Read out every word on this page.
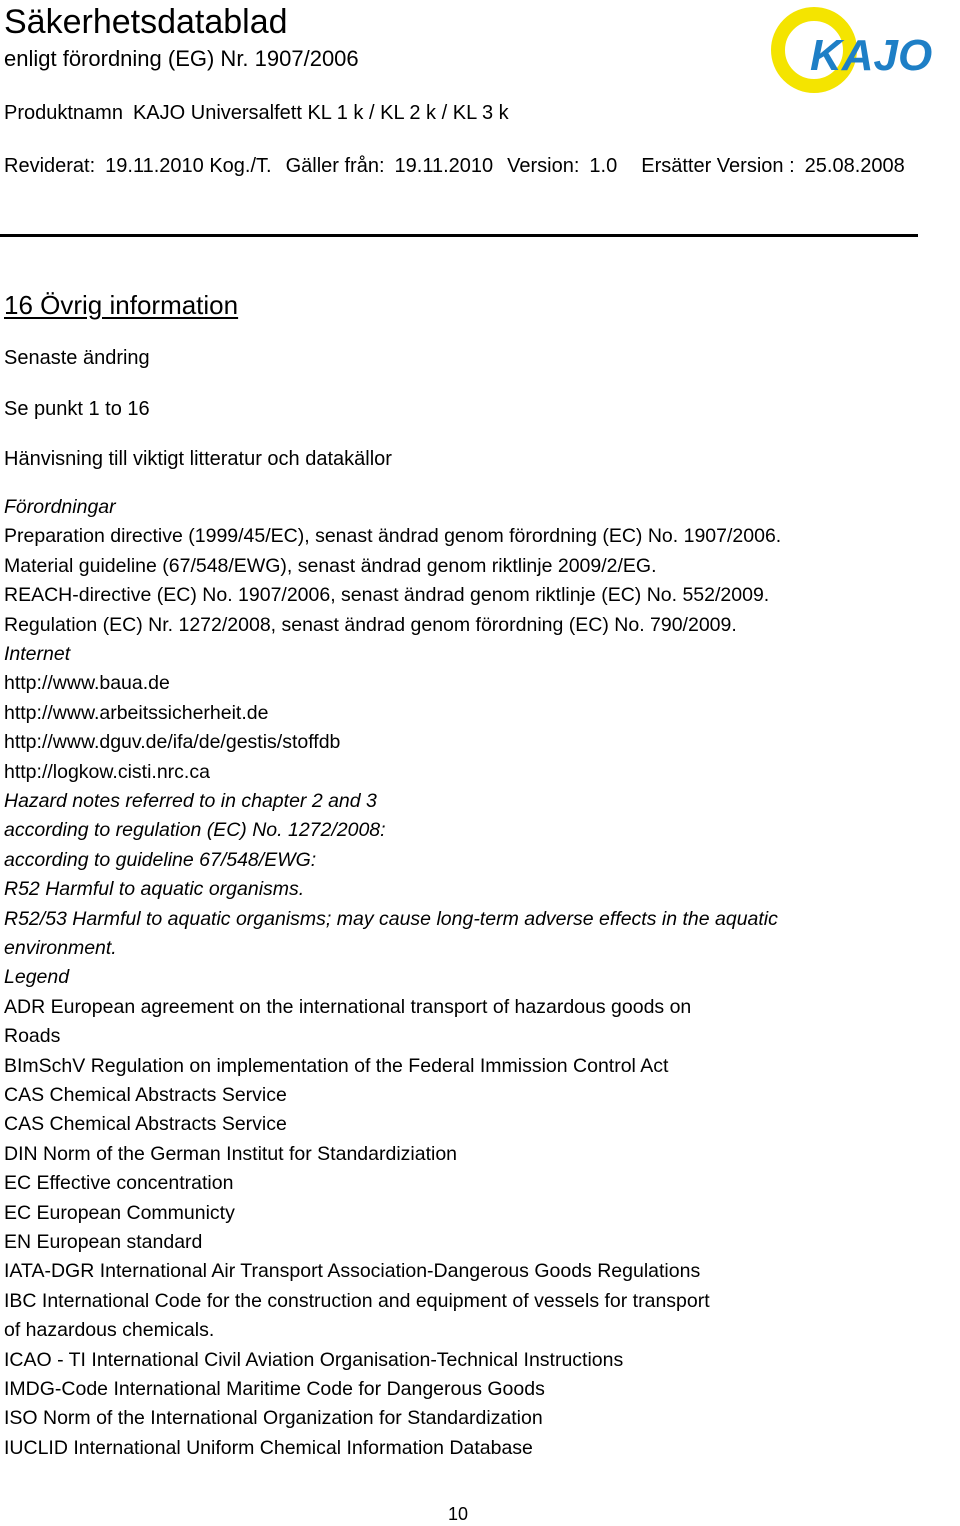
Säkerhetsdatablad
enligt förordning (EG) Nr. 1907/2006
Produktnamn KAJO Universalfett KL 1 k / KL 2 k / KL 3 k
Reviderat: 19.11.2010 Kog./T. Gäller från: 19.11.2010 Version: 1.0 Ersätter Version : 25.08.2008
KAJO
16 Övrig information
Senaste ändring
Se punkt 1 to 16
Hänvisning till viktigt litteratur och datakällor
Förordningar
Preparation directive (1999/45/EC), senast ändrad genom förordning (EC) No. 1907/2006.
Material guideline (67/548/EWG), senast ändrad genom riktlinje 2009/2/EG.
REACH-directive (EC) No. 1907/2006, senast ändrad genom riktlinje (EC) No. 552/2009.
Regulation (EC) Nr. 1272/2008, senast ändrad genom förordning (EC) No. 790/2009.
Internet
http://www.baua.de
http://www.arbeitssicherheit.de
http://www.dguv.de/ifa/de/gestis/stoffdb
http://logkow.cisti.nrc.ca
Hazard notes referred to in chapter 2 and 3
according to regulation (EC) No. 1272/2008:
according to guideline 67/548/EWG:
R52 Harmful to aquatic organisms.
R52/53 Harmful to aquatic organisms; may cause long-term adverse effects in the aquatic
environment.
Legend
ADR European agreement on the international transport of hazardous goods on
Roads
BImSchV Regulation on implementation of the Federal Immission Control Act
CAS Chemical Abstracts Service
CAS Chemical Abstracts Service
DIN Norm of the German Institut for Standardiziation
EC Effective concentration
EC European Communicty
EN European standard
IATA-DGR International Air Transport Association-Dangerous Goods Regulations
IBC International Code for the construction and equipment of vessels for transport
of hazardous chemicals.
ICAO - TI International Civil Aviation Organisation-Technical Instructions
IMDG-Code International Maritime Code for Dangerous Goods
ISO Norm of the International Organization for Standardization
IUCLID International Uniform Chemical Information Database
10
